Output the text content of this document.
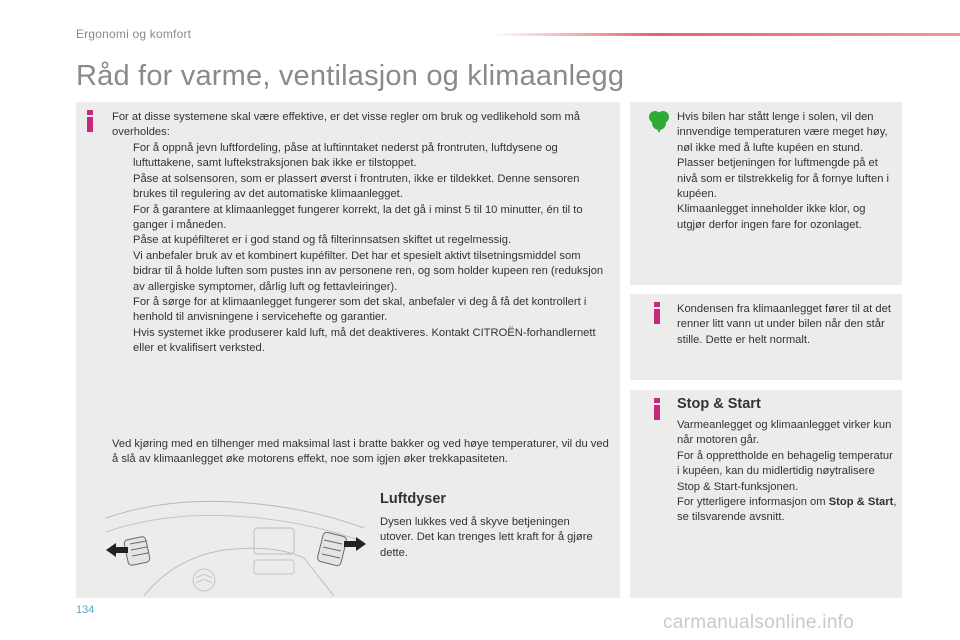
Ergonomi og komfort
Råd for varme, ventilasjon og klimaanlegg
For at disse systemene skal være effektive, er det visse regler om bruk og vedlikehold som må overholdes:
For å oppnå jevn luftfordeling, påse at luftinntaket nederst på frontruten, luftdysene og luftuttakene, samt luftekstraksjonen bak ikke er tilstoppet.
Påse at solsensoren, som er plassert øverst i frontruten, ikke er tildekket. Denne sensoren brukes til regulering av det automatiske klimaanlegget.
For å garantere at klimaanlegget fungerer korrekt, la det gå i minst 5 til 10 minutter, én til to ganger i måneden.
Påse at kupéfilteret er i god stand og få filterinnsatsen skiftet ut regelmessig.
Vi anbefaler bruk av et kombinert kupéfilter. Det har et spesielt aktivt tilsetningsmiddel som bidrar til å holde luften som pustes inn av personene ren, og som holder kupeen ren (reduksjon av allergiske symptomer, dårlig luft og fettavleiringer).
For å sørge for at klimaanlegget fungerer som det skal, anbefaler vi deg å få det kontrollert i henhold til anvisningene i servicehefte og garantier.
Hvis systemet ikke produserer kald luft, må det deaktiveres. Kontakt CITROËN-forhandlernett eller et kvalifisert verksted.
Ved kjøring med en tilhenger med maksimal last i bratte bakker og ved høye temperaturer, vil du ved å slå av klimaanlegget øke motorens effekt, noe som igjen øker trekkapasiteten.
Luftdyser
Dysen lukkes ved å skyve betjeningen utover. Det kan trenges lett kraft for å gjøre dette.
Hvis bilen har stått lenge i solen, vil den innvendige temperaturen være meget høy, nøl ikke med å lufte kupéen en stund.
Plasser betjeningen for luftmengde på et nivå som er tilstrekkelig for å fornye luften i kupéen.
Klimaanlegget inneholder ikke klor, og utgjør derfor ingen fare for ozonlaget.
Kondensen fra klimaanlegget fører til at det renner litt vann ut under bilen når den står stille. Dette er helt normalt.
Stop & Start
Varmeanlegget og klimaanlegget virker kun når motoren går.
For å opprettholde en behagelig temperatur i kupéen, kan du midlertidig nøytralisere Stop & Start-funksjonen.
For ytterligere informasjon om Stop & Start, se tilsvarende avsnitt.
134
carmanualsonline.info
